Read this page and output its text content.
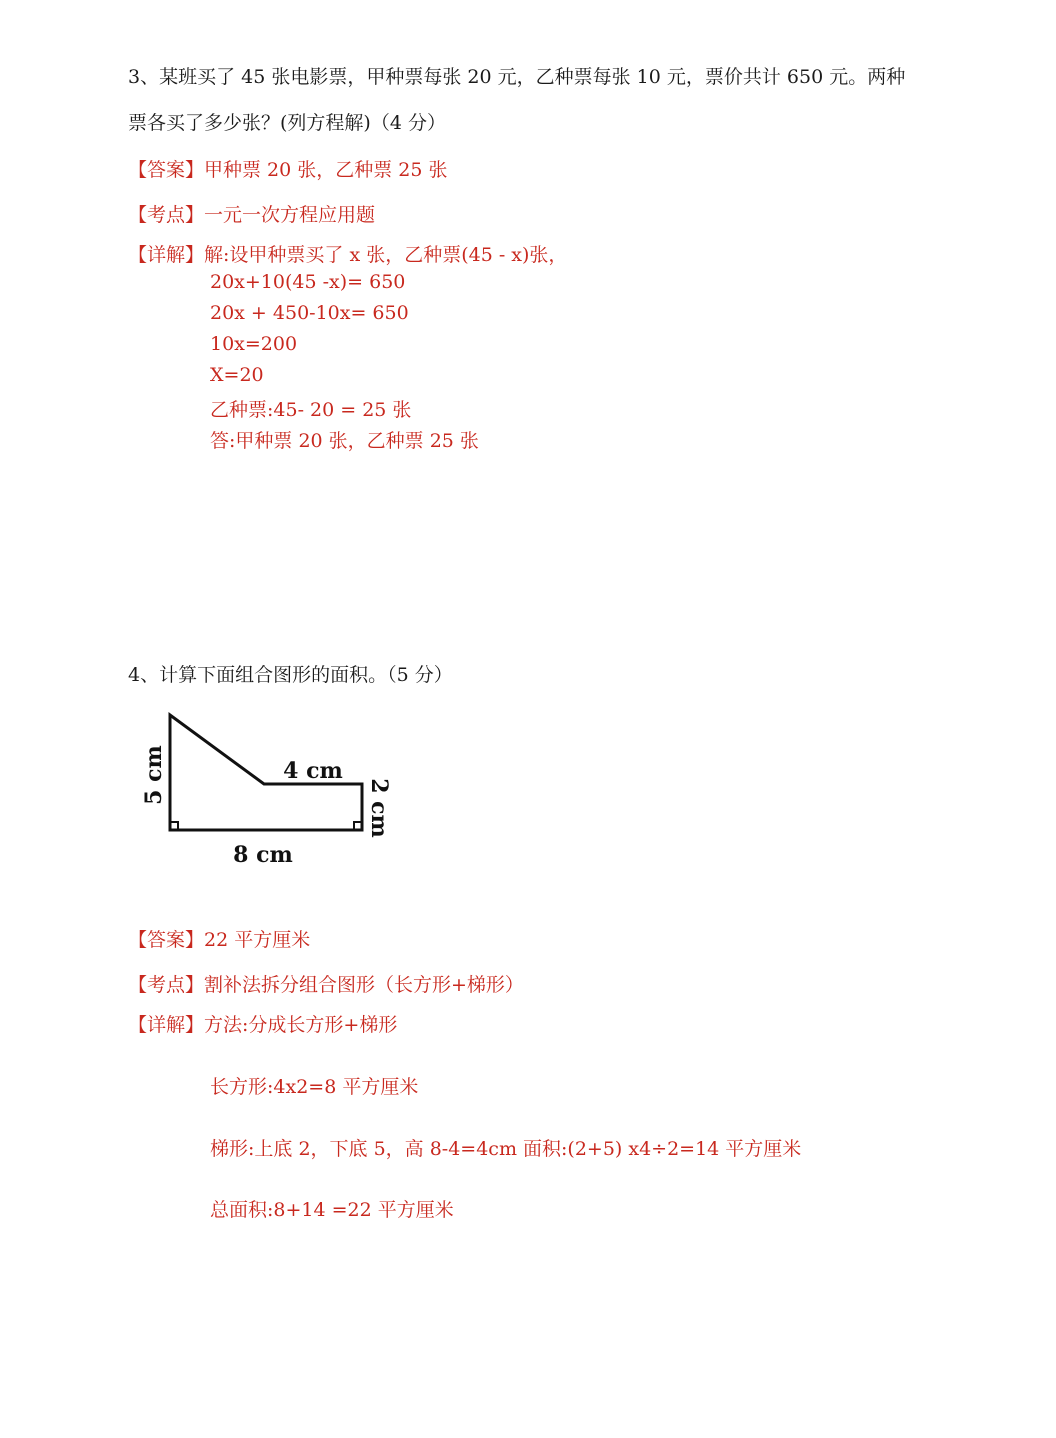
3、某班买了 45 张电影票，甲种票每张 20 元，乙种票每张 10 元，票价共计 650 元。两种
票各买了多少张？(列方程解)（4 分）
【答案】甲种票 20 张，乙种票 25 张
【考点】一元一次方程应用题
【详解】解:设甲种票买了 x 张，乙种票(45 - x)张，
20x+10(45 -x)= 650
20x + 450-10x= 650
10x=200
X=20
乙种票:45- 20 = 25 张
答:甲种票 20 张，乙种票 25 张
4、计算下面组合图形的面积。（5 分）
5 cm	4 cm
2 cm
8 cm
【答案】22 平方厘米
【考点】割补法拆分组合图形（长方形+梯形）
【详解】方法:分成长方形+梯形
长方形:4x2=8 平方厘米
梯形:上底 2，下底 5，高 8-4=4cm 面积:(2+5) x4÷2=14 平方厘米
总面积:8+14 =22 平方厘米
